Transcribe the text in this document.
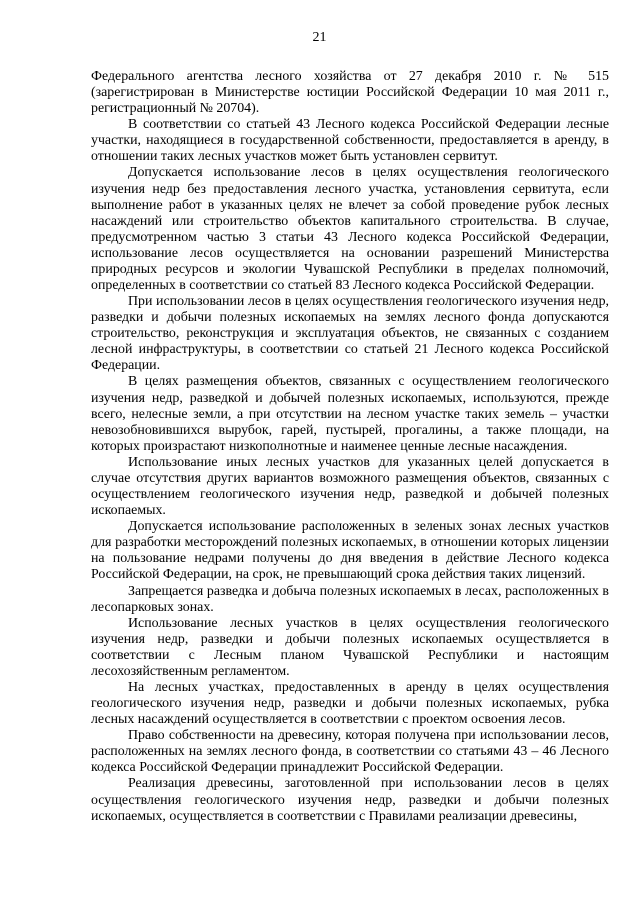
21

Федерального агентства лесного хозяйства от 27 декабря 2010 г. № 515 (зарегистрирован в Министерстве юстиции Российской Федерации 10 мая 2011 г., регистрационный № 20704).

В соответствии со статьей 43 Лесного кодекса Российской Федерации лесные участки, находящиеся в государственной собственности, предоставляется в аренду, в отношении таких лесных участков может быть установлен сервитут.

Допускается использование лесов в целях осуществления геологического изучения недр без предоставления лесного участка, установления сервитута, если выполнение работ в указанных целях не влечет за собой проведение рубок лесных насаждений или строительство объектов капитального строительства. В случае, предусмотренном частью 3 статьи 43 Лесного кодекса Российской Федерации, использование лесов осуществляется на основании разрешений Министерства природных ресурсов и экологии Чувашской Республики в пределах полномочий, определенных в соответствии со статьей 83 Лесного кодекса Российской Федерации.

При использовании лесов в целях осуществления геологического изучения недр, разведки и добычи полезных ископаемых на землях лесного фонда допускаются строительство, реконструкция и эксплуатация объектов, не связанных с созданием лесной инфраструктуры, в соответствии со статьей 21 Лесного кодекса Российской Федерации.

В целях размещения объектов, связанных с осуществлением геологического изучения недр, разведкой и добычей полезных ископаемых, используются, прежде всего, нелесные земли, а при отсутствии на лесном участке таких земель – участки невозобновившихся вырубок, гарей, пустырей, прогалины, а также площади, на которых произрастают низкополнотные и наименее ценные лесные насаждения.

Использование иных лесных участков для указанных целей допускается в случае отсутствия других вариантов возможного размещения объектов, связанных с осуществлением геологического изучения недр, разведкой и добычей полезных ископаемых.

Допускается использование расположенных в зеленых зонах лесных участков для разработки месторождений полезных ископаемых, в отношении которых лицензии на пользование недрами получены до дня введения в действие Лесного кодекса Российской Федерации, на срок, не превышающий срока действия таких лицензий.

Запрещается разведка и добыча полезных ископаемых в лесах, расположенных в лесопарковых зонах.

Использование лесных участков в целях осуществления геологического изучения недр, разведки и добычи полезных ископаемых осуществляется в соответствии с Лесным планом Чувашской Республики и настоящим лесохозяйственным регламентом.

На лесных участках, предоставленных в аренду в целях осуществления геологического изучения недр, разведки и добычи полезных ископаемых, рубка лесных насаждений осуществляется в соответствии с проектом освоения лесов.

Право собственности на древесину, которая получена при использовании лесов, расположенных на землях лесного фонда, в соответствии со статьями 43 – 46 Лесного кодекса Российской Федерации принадлежит Российской Федерации.

Реализация древесины, заготовленной при использовании лесов в целях осуществления геологического изучения недр, разведки и добычи полезных ископаемых, осуществляется в соответствии с Правилами реализации древесины,
